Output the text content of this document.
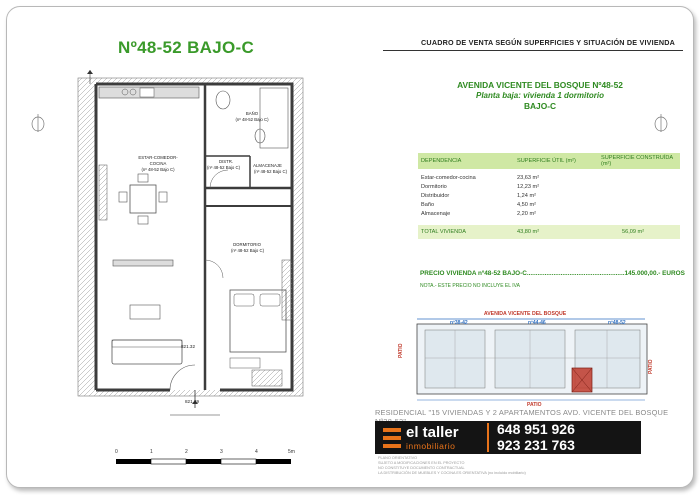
Nº48-52 BAJO-C	CUADRO DE VENTA SEGÚN SUPERFICIES Y SITUACIÓN DE VIVIENDA
AVENIDA VICENTE DEL BOSQUE Nº48-52
Planta baja: vivienda 1 dormitorio
BAJO-C
DEPENDENCIA	SUPERFICIE ÚTIL (m²)	SUPERFICIE CONSTRUÍDA (m²)

Estar-comedor-cocina	23,63 m²	
Dormitorio	12,23 m²	
Distribuidor	1,24 m²	
Baño	4,50 m²	
Almacenaje	2,20 m²	

TOTAL VIVIENDA	43,80 m²	56,09 m²
PRECIO VIVIENDA nº48-52 BAJO-C.......................................................145.000,00.- EUROS
NOTA.- ESTE PRECIO NO INCLUYE EL IVA
BAÑO
(nº 48-52 Bajo C)
DISTR.
(nº 48-52 Bajo C)	ALMACENAJE
(nº 48-52 Bajo C)
ESTAR-COMEDOR-
COCINA
(nº 48-52 Bajo C)
DORMITORIO
(nº 48-52 Bajo C)
821.32
821.29
AVENIDA VICENTE DEL BOSQUE
nº38-42	nº44-46	nº48-52
PATIO
PATIO
PATIO
RESIDENCIAL "15 VIVIENDAS Y 2 APARTAMENTOS AVD. VICENTE DEL BOSQUE
el taller
inmobiliario
648 951 926
923 231 763
PLANO ORIENTATIVO
SUJETO A MODIFICACIONES EN EL PROYECTO
NO CONSTITUYE DOCUMENTO CONTRACTUAL
LA DISTRIBUCIÓN DE MUEBLES Y COCINA ES ORIENTATIVA (no incluido mobiliario)
0	1	2	3	4	5m
